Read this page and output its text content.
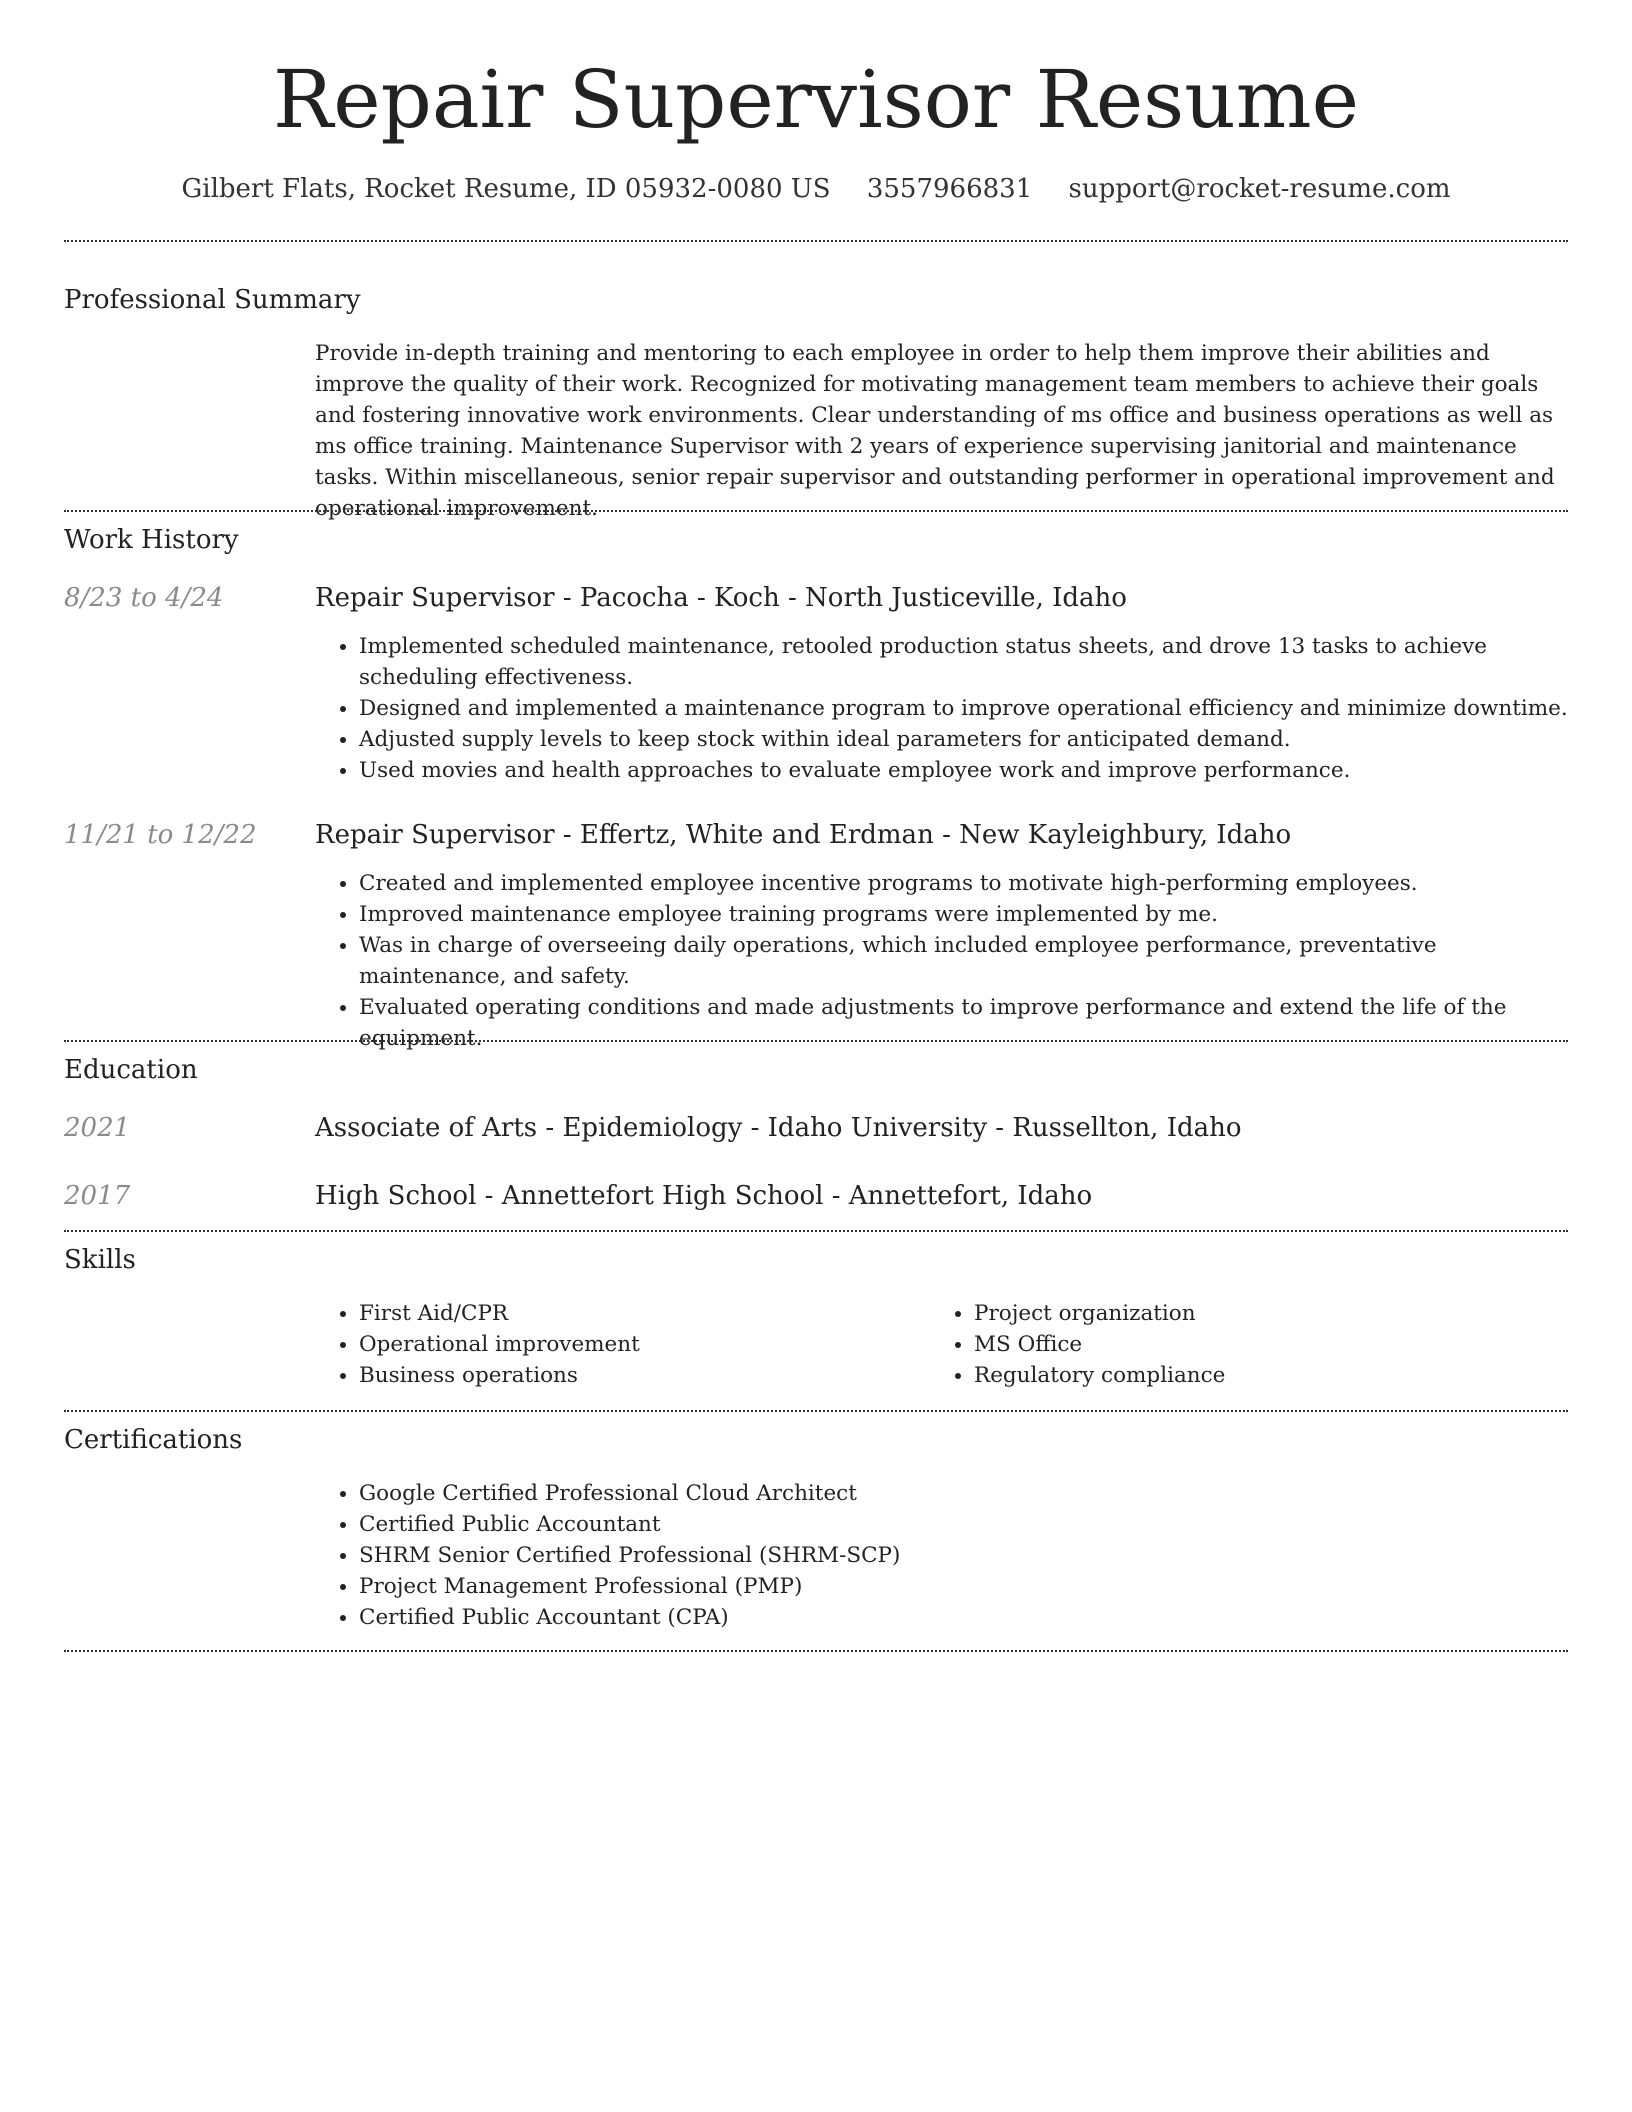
Repair Supervisor Resume
Gilbert Flats, Rocket Resume, ID 05932-0080 US 3557966831 support@rocket-resume.com
Professional Summary
Provide in-depth training and mentoring to each employee in order to help them improve their abilities and improve the quality of their work. Recognized for motivating management team members to achieve their goals and fostering innovative work environments. Clear understanding of ms office and business operations as well as ms office training. Maintenance Supervisor with 2 years of experience supervising janitorial and maintenance tasks. Within miscellaneous, senior repair supervisor and outstanding performer in operational improvement and operational improvement.
Work History
8/23 to 4/24	Repair Supervisor - Pacocha - Koch - North Justiceville, Idaho
• Implemented scheduled maintenance, retooled production status sheets, and drove 13 tasks to achieve scheduling effectiveness.
• Designed and implemented a maintenance program to improve operational efficiency and minimize downtime.
• Adjusted supply levels to keep stock within ideal parameters for anticipated demand.
• Used movies and health approaches to evaluate employee work and improve performance.
11/21 to 12/22 Repair Supervisor - Effertz, White and Erdman - New Kayleighbury, Idaho
• Created and implemented employee incentive programs to motivate high-performing employees.
• Improved maintenance employee training programs were implemented by me.
• Was in charge of overseeing daily operations, which included employee performance, preventative maintenance, and safety.
• Evaluated operating conditions and made adjustments to improve performance and extend the life of the equipment.
Education
2021	Associate of Arts - Epidemiology - Idaho University - Russellton, Idaho
2017	High School - Annettefort High School - Annettefort, Idaho
Skills
• First Aid/CPR
• Operational improvement
• Business operations
• Project organization
• MS Office
• Regulatory compliance
Certifications
• Google Certified Professional Cloud Architect
• Certified Public Accountant
• SHRM Senior Certified Professional (SHRM-SCP)
• Project Management Professional (PMP)
• Certified Public Accountant (CPA)
